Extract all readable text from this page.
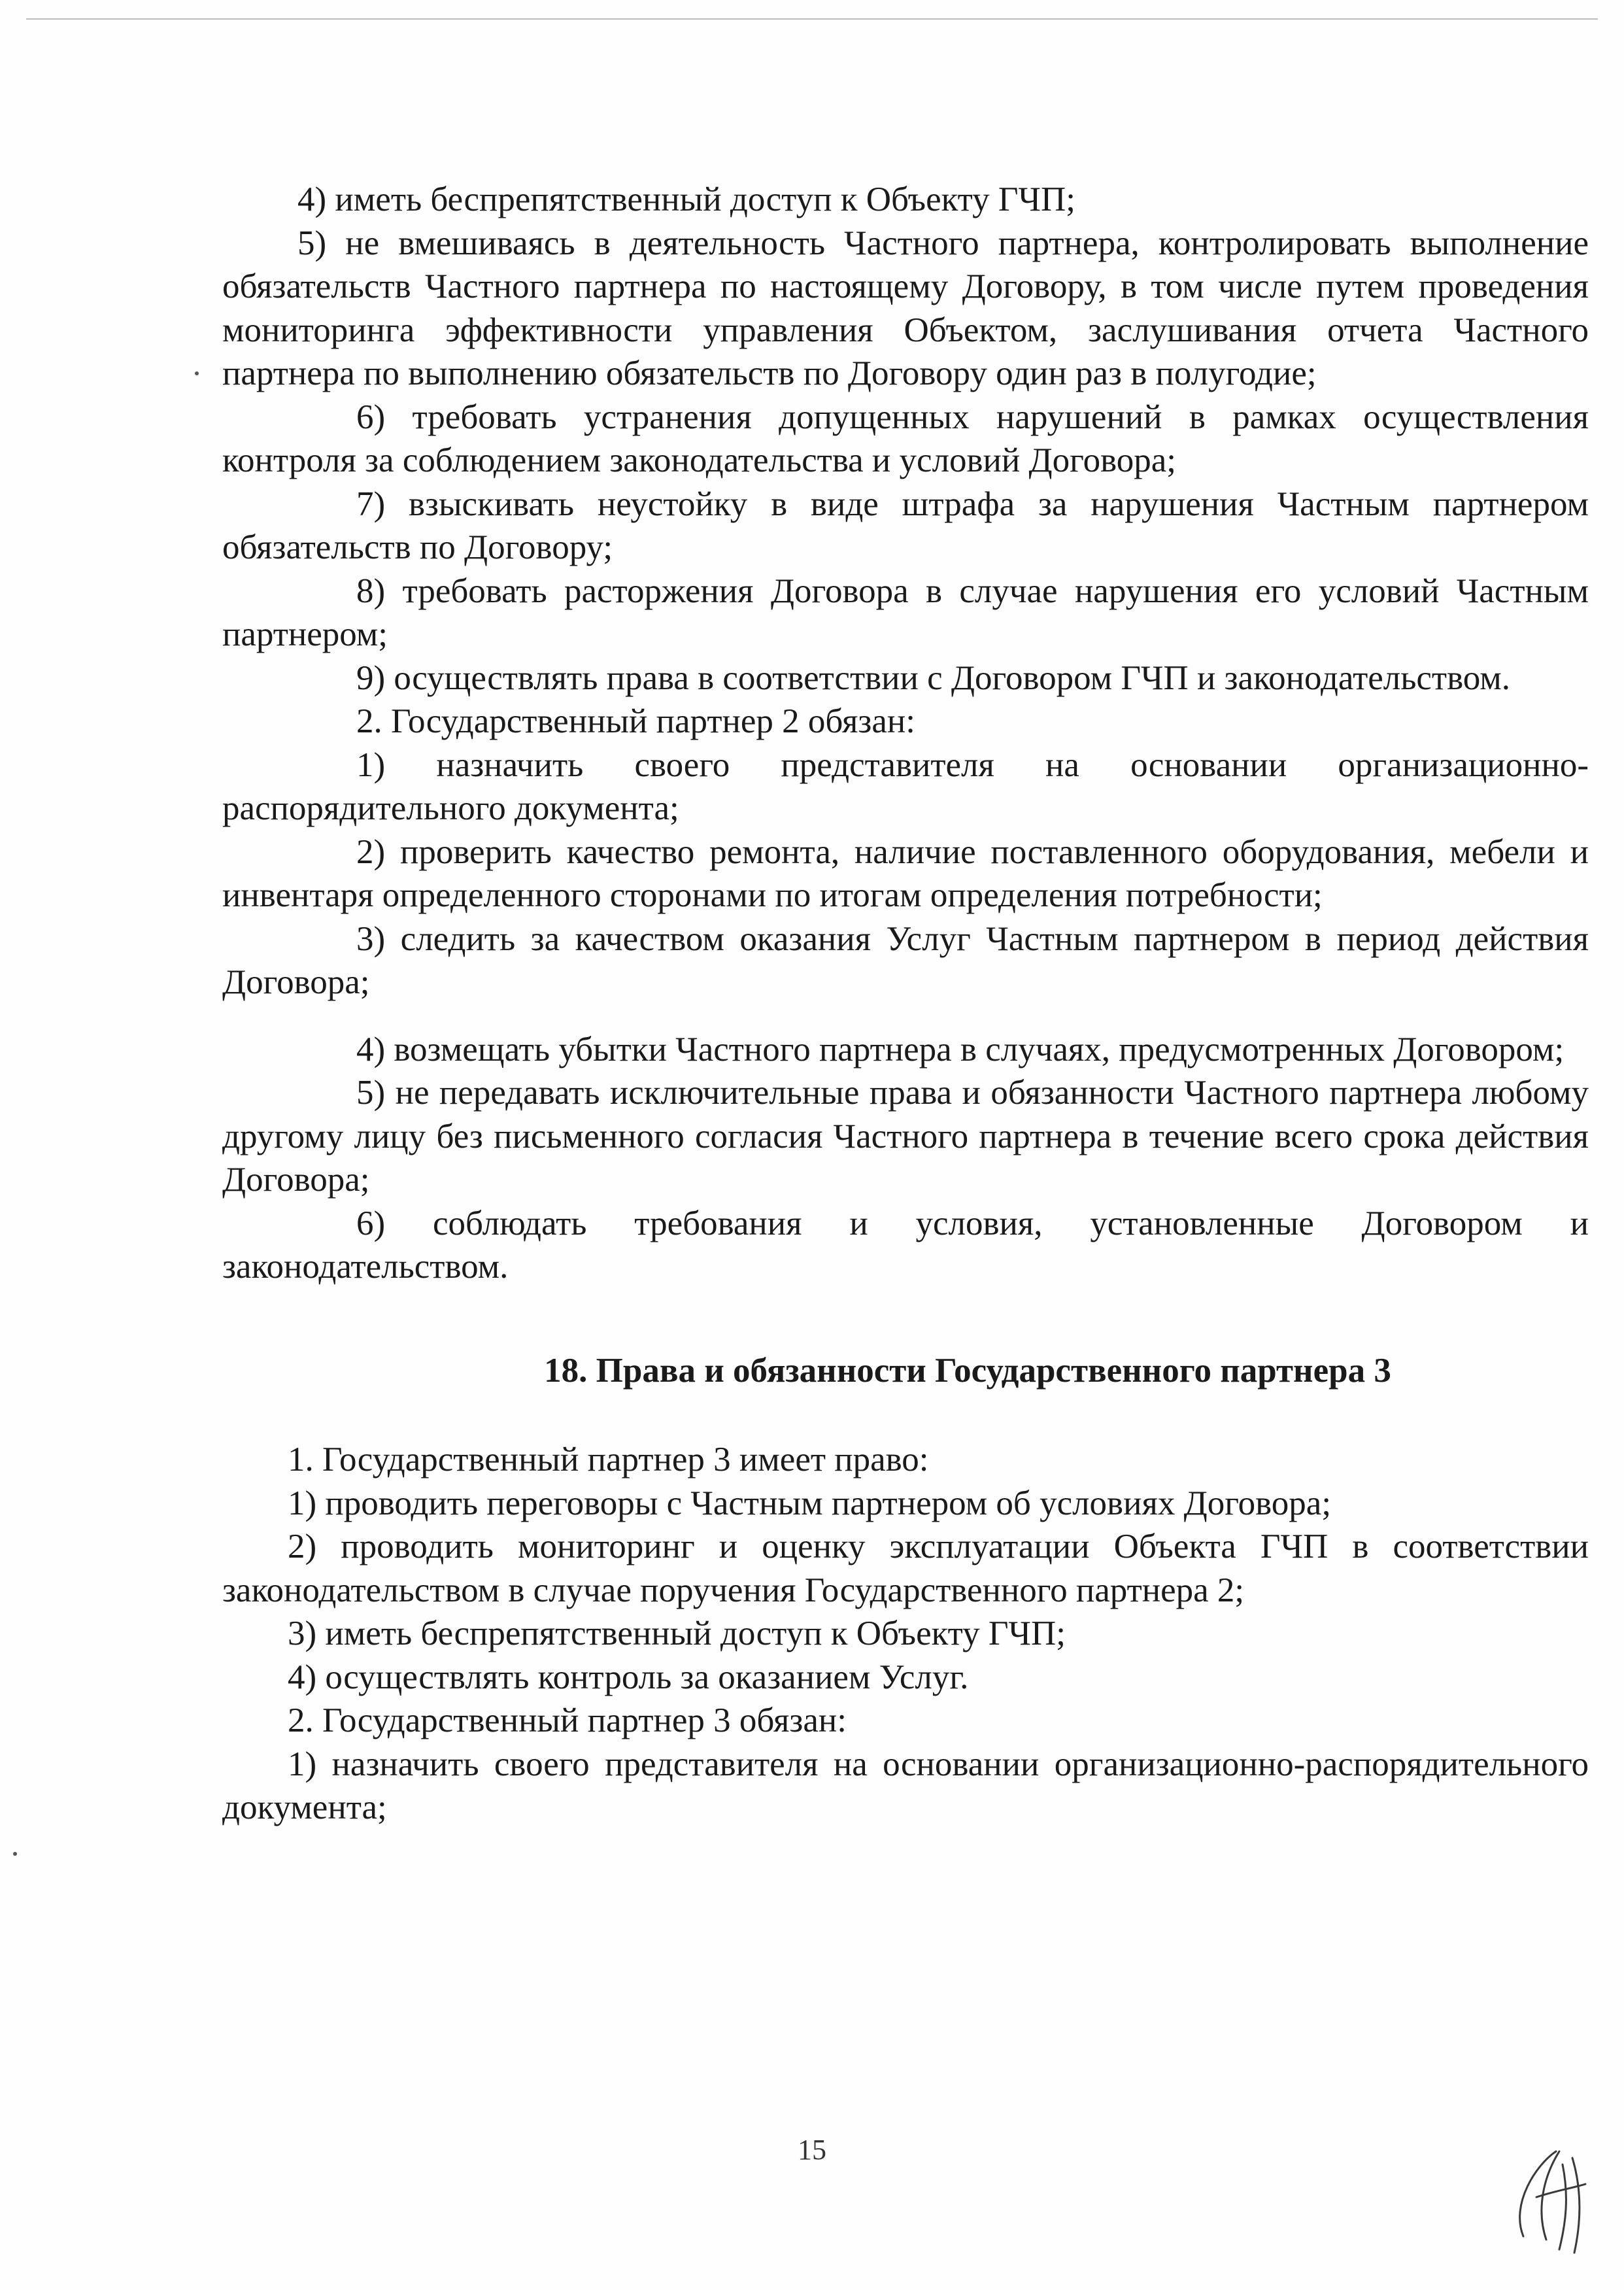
4) иметь беспрепятственный доступ к Объекту ГЧП;

5) не вмешиваясь в деятельность Частного партнера, контролировать выполнение обязательств Частного партнера по настоящему Договору, в том числе путем проведения мониторинга эффективности управления Объектом, заслушивания отчета Частного партнера по выполнению обязательств по Договору один раз в полугодие;

6) требовать устранения допущенных нарушений в рамках осуществления контроля за соблюдением законодательства и условий Договора;

7) взыскивать неустойку в виде штрафа за нарушения Частным партнером обязательств по Договору;

8) требовать расторжения Договора в случае нарушения его условий Частным партнером;

9) осуществлять права в соответствии с Договором ГЧП и законодательством.

2. Государственный партнер 2 обязан:

1) назначить своего представителя на основании организационно-распорядительного документа;

2) проверить качество ремонта, наличие поставленного оборудования, мебели и инвентаря определенного сторонами по итогам определения потребности;

3) следить за качеством оказания Услуг Частным партнером в период действия Договора;

4) возмещать убытки Частного партнера в случаях, предусмотренных Договором;

5) не передавать исключительные права и обязанности Частного партнера любому другому лицу без письменного согласия Частного партнера в течение всего срока действия Договора;

6) соблюдать требования и условия, установленные Договором и законодательством.

18. Права и обязанности Государственного партнера 3

1. Государственный партнер 3 имеет право:

1) проводить переговоры с Частным партнером об условиях Договора;

2) проводить мониторинг и оценку эксплуатации Объекта ГЧП в соответствии законодательством в случае поручения Государственного партнера 2;

3) иметь беспрепятственный доступ к Объекту ГЧП;

4) осуществлять контроль за оказанием Услуг.

2. Государственный партнер 3 обязан:

1) назначить своего представителя на основании организационно-распорядительного документа;

15
